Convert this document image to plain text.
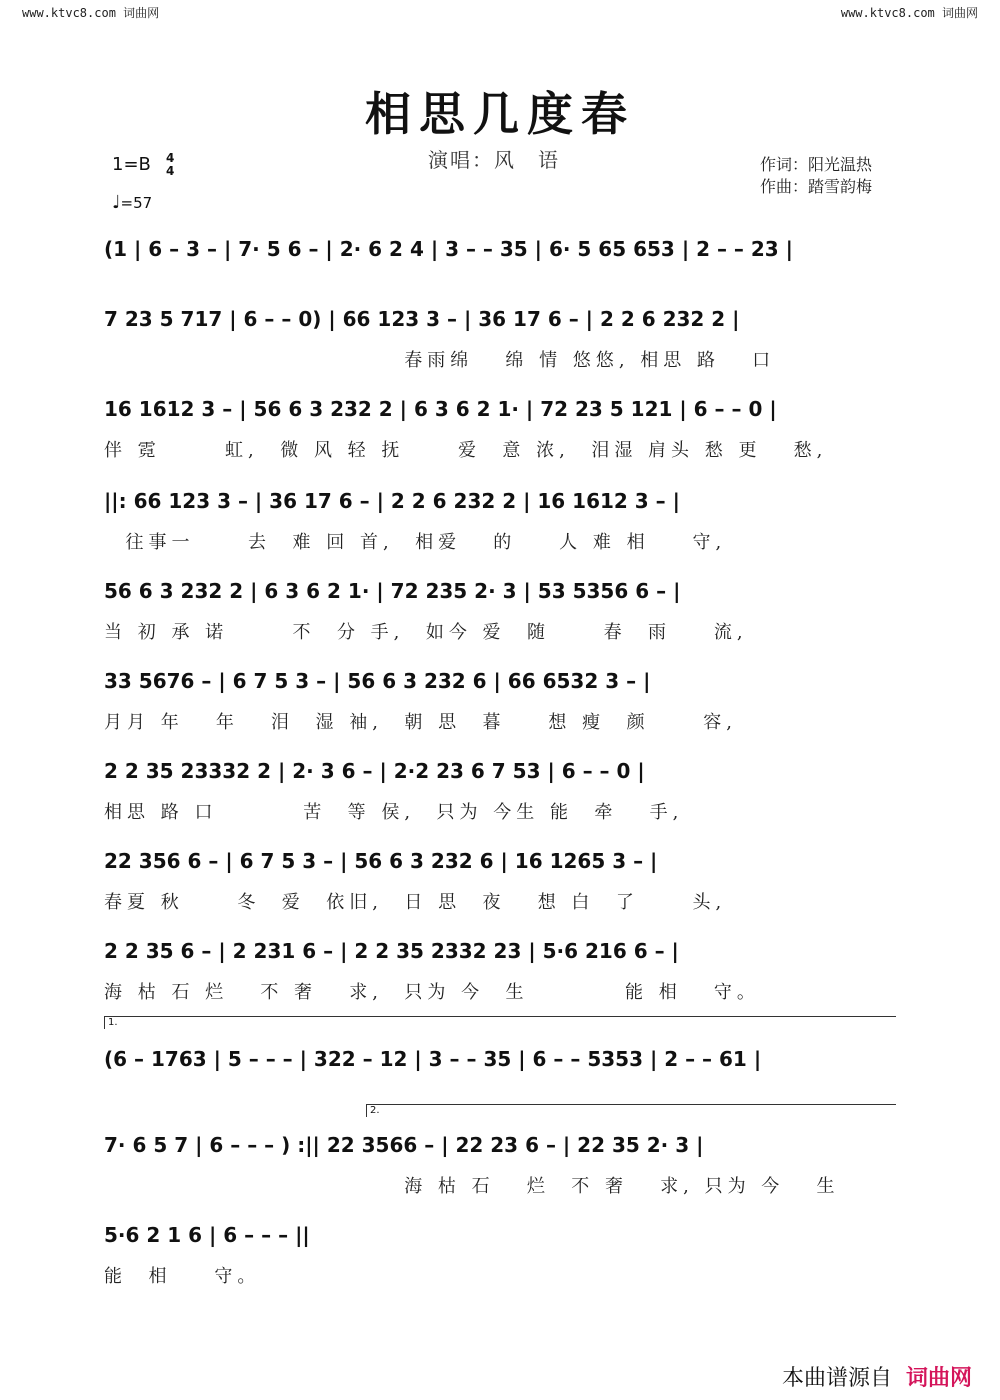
www.ktvc8.com 词曲网	www.ktvc8.com 词曲网
相思几度春
演唱：风　语	作词：阳光温热
作曲：踏雪韵梅
1=B 4
4
♩=57
(1 | 6 – 3 – | 7· 5 6 – | 2· 6 2 4 | 3 – – 35 | 6· 5 65 653 | 2 – – 23 |
7 23 5 717 | 6 – – 0) | 66 123 3 – | 36 17 6 – | 2 2 6 232 2 |
春雨绵   绵 情 悠悠, 相思 路   口
16 1612 3 – | 56 6 3 232 2 | 6 3 6 2 1· | 72 23 5 121 | 6 – – 0 |
伴 霓      虹,  微 风 轻 抚     爱  意 浓,  泪湿 肩头 愁 更   愁,
||: 66 123 3 – | 36 17 6 – | 2 2 6 232 2 | 16 1612 3 – |
往事一     去  难 回 首,  相爱   的    人 难 相    守,
56 6 3 232 2 | 6 3 6 2 1· | 72 235 2· 3 | 53 5356 6 – |
当 初 承 诺      不  分 手,  如今 爱  随     春  雨    流,
33 5676 – | 6 7 5 3 – | 56 6 3 232 6 | 66 6532 3 – |
月月 年   年   泪  湿 袖,  朝 思  暮    想 瘦  颜     容,
2 2 35 23332 2 | 2· 3 6 – | 2·2 23 6 7 53 | 6 – – 0 |
相思 路 口        苦  等 侯,  只为 今生 能  牵   手,
22 356 6 – | 6 7 5 3 – | 56 6 3 232 6 | 16 1265 3 – |
春夏 秋     冬  爱  依旧,  日 思  夜   想 白  了     头,
2 2 35 6 – | 2 231 6 – | 2 2 35 2332 23 | 5·6 216 6 – |
海 枯 石 烂   不 奢   求,  只为 今  生         能 相   守。
1.
(6 – 1763 | 5 – – – | 322 – 12 | 3 – – 35 | 6 – – 5353 | 2 – – 61 |
2.
7· 6 5 7 | 6 – – – ) :|| 22 3566 – | 22 23 6 – | 22 35 2· 3 |
海 枯 石   烂  不 奢   求, 只为 今   生
5·6 2 1 6 | 6 – – – ||
能  相    守。
本曲谱源自 词曲网
